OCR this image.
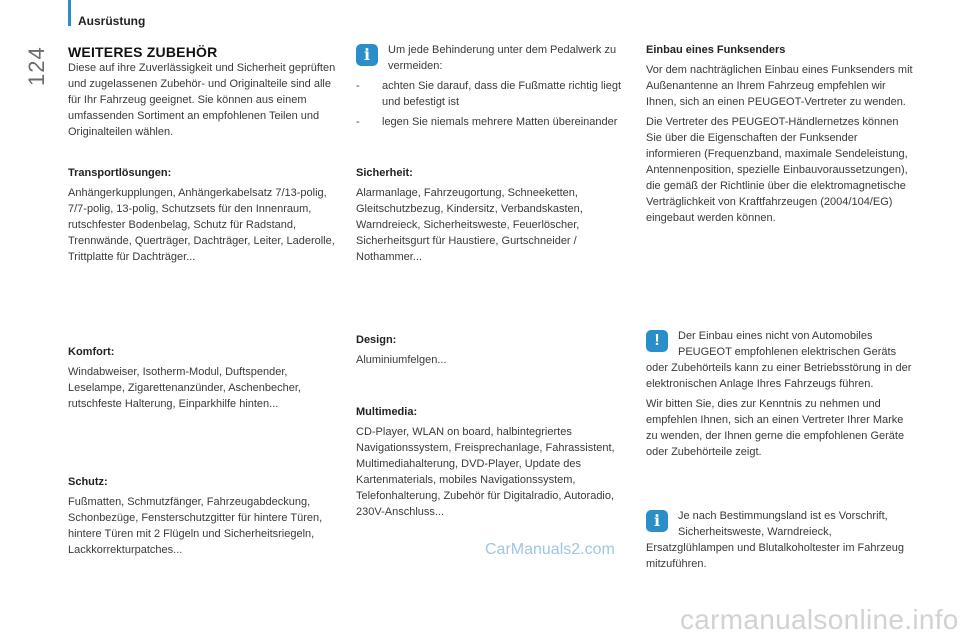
124
Ausrüstung

WEITERES ZUBEHÖR

Diese auf ihre Zuverlässigkeit und Sicherheit geprüften und zugelassenen Zubehör- und Originalteile sind alle für Ihr Fahrzeug geeignet. Sie können aus einem umfassenden Sortiment an empfohlenen Teilen und Originalteilen wählen.

Transportlösungen:

Anhängerkupplungen, Anhängerkabelsatz 7/13-polig, 7/7-polig, 13-polig, Schutzsets für den Innenraum, rutschfester Bodenbelag, Schutz für Radstand, Trennwände, Querträger, Dachträger, Leiter, Laderolle, Trittplatte für Dachträger...

Komfort:

Windabweiser, Isotherm-Modul, Duftspender, Leselampe, Zigarettenanzünder, Aschenbecher, rutschfeste Halterung, Einparkhilfe hinten...

Schutz:

Fußmatten, Schmutzfänger, Fahrzeugabdeckung, Schonbezüge, Fensterschutzgitter für hintere Türen, hintere Türen mit 2 Flügeln und Sicherheitsriegeln, Lackkorrekturpatches...

i	Um jede Behinderung unter dem Pedalwerk zu vermeiden:

- achten Sie darauf, dass die Fußmatte richtig liegt und befestigt ist
- legen Sie niemals mehrere Matten übereinander

Sicherheit:

Alarmanlage, Fahrzeugortung, Schneeketten, Gleitschutzbezug, Kindersitz, Verbandskasten, Warndreieck, Sicherheitsweste, Feuerlöscher, Sicherheitsgurt für Haustiere, Gurtschneider / Nothammer...

Design:

Aluminiumfelgen...

Multimedia:

CD-Player, WLAN on board, halbintegriertes Navigationssystem, Freisprechanlage, Fahrassistent, Multimediahalterung, DVD-Player, Update des Kartenmaterials, mobiles Navigationssystem, Telefonhalterung, Zubehör für Digitalradio, Autoradio, 230V-Anschluss...

Einbau eines Funksenders

Vor dem nachträglichen Einbau eines Funksenders mit Außenantenne an Ihrem Fahrzeug empfehlen wir Ihnen, sich an einen PEUGEOT-Vertreter zu wenden.

Die Vertreter des PEUGEOT-Händlernetzes können Sie über die Eigenschaften der Funksender informieren (Frequenzband, maximale Sendeleistung, Antennenposition, spezielle Einbauvoraussetzungen), die gemäß der Richtlinie über die elektromagnetische Verträglichkeit von Kraftfahrzeugen (2004/104/EG) eingebaut werden können.

!	Der Einbau eines nicht von Automobiles PEUGEOT empfohlenen elektrischen Geräts oder Zubehörteils kann zu einer Betriebsstörung in der elektronischen Anlage Ihres Fahrzeugs führen.

Wir bitten Sie, dies zur Kenntnis zu nehmen und empfehlen Ihnen, sich an einen Vertreter Ihrer Marke zu wenden, der Ihnen gerne die empfohlenen Geräte oder Zubehörteile zeigt.

i	Je nach Bestimmungsland ist es Vorschrift, Sicherheitsweste, Warndreieck, Ersatzglühlampen und Blutalkoholtester im Fahrzeug mitzuführen.

CarManuals2.com
carmanualsonline.info
